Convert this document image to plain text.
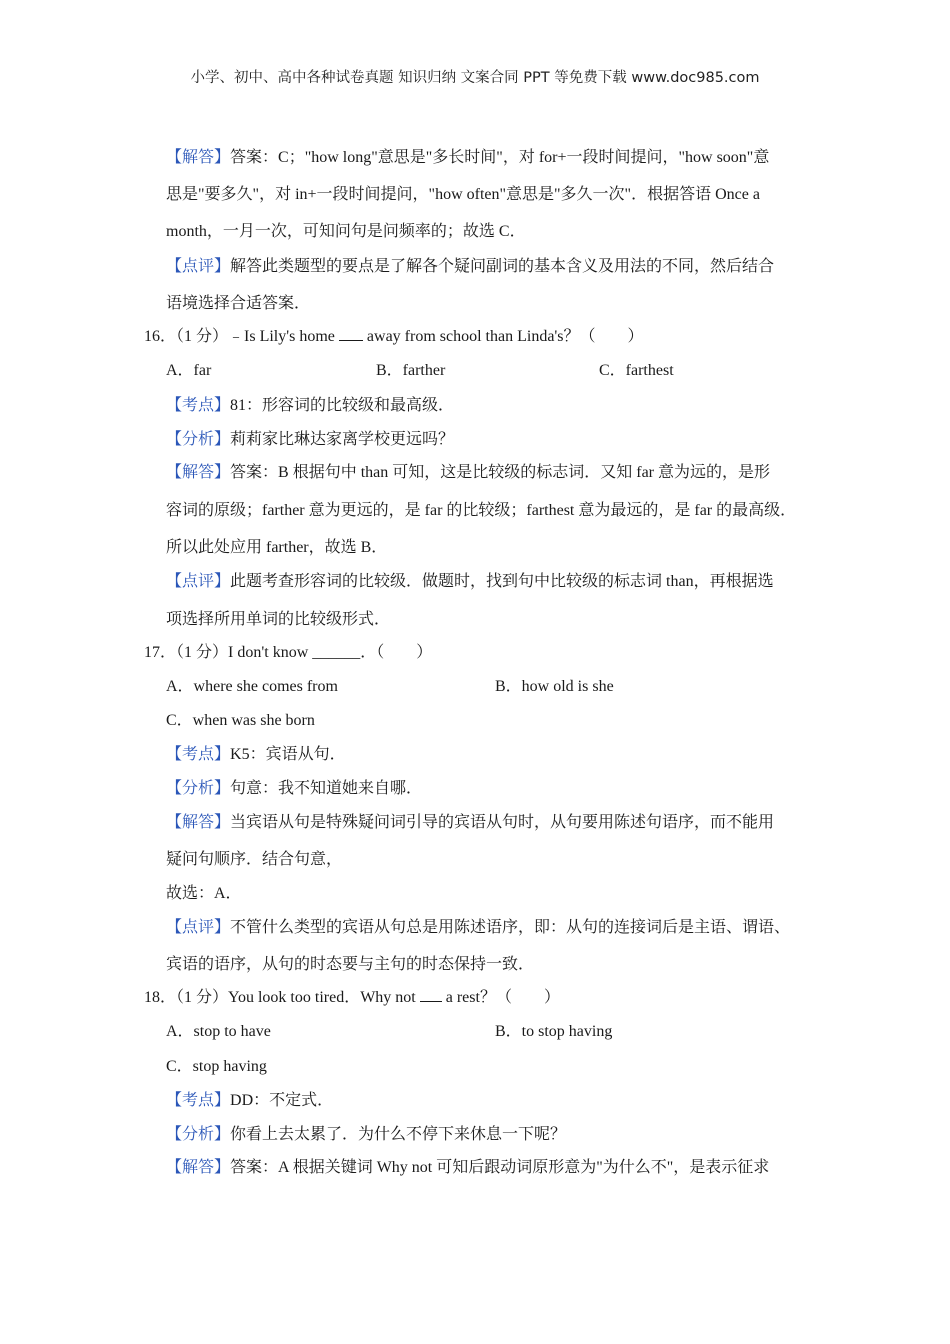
小学、初中、高中各种试卷真题 知识归纳 文案合同 PPT 等免费下载 www.doc985.com
【解答】答案：C；"how long"意思是"多长时间"，对 for+一段时间提问，"how soon"意
思是"要多久"，对 in+一段时间提问，"how often"意思是"多久一次"．根据答语 Once a
month，一月一次，可知问句是问频率的；故选 C．
【点评】解答此类题型的要点是了解各个疑问副词的基本含义及用法的不同，然后结合
语境选择合适答案．
16．（1 分）﹣Is Lily's home away from school than Linda's？（　　）
A．far	B．farther	C．farthest
【考点】81：形容词的比较级和最高级．
【分析】莉莉家比琳达家离学校更远吗？
【解答】答案：B 根据句中 than 可知，这是比较级的标志词．又知 far 意为远的，是形
容词的原级；farther 意为更远的，是 far 的比较级；farthest 意为最远的，是 far 的最高级．
所以此处应用 farther，故选 B．
【点评】此题考查形容词的比较级．做题时，找到句中比较级的标志词 than，再根据选
项选择所用单词的比较级形式．
17．（1 分）I don't know ______．（　　）
A．where she comes from	B．how old is she
C．when was she born
【考点】K5：宾语从句．
【分析】句意：我不知道她来自哪．
【解答】当宾语从句是特殊疑问词引导的宾语从句时，从句要用陈述句语序，而不能用
疑问句顺序．结合句意，
故选：A．
【点评】不管什么类型的宾语从句总是用陈述语序，即：从句的连接词后是主语、谓语、
宾语的语序，从句的时态要与主句的时态保持一致．
18．（1 分）You look too tired．Why not a rest？（　　）
A．stop to have	B．to stop having
C．stop having
【考点】DD：不定式．
【分析】你看上去太累了．为什么不停下来休息一下呢？
【解答】答案：A 根据关键词 Why not 可知后跟动词原形意为"为什么不"，是表示征求
